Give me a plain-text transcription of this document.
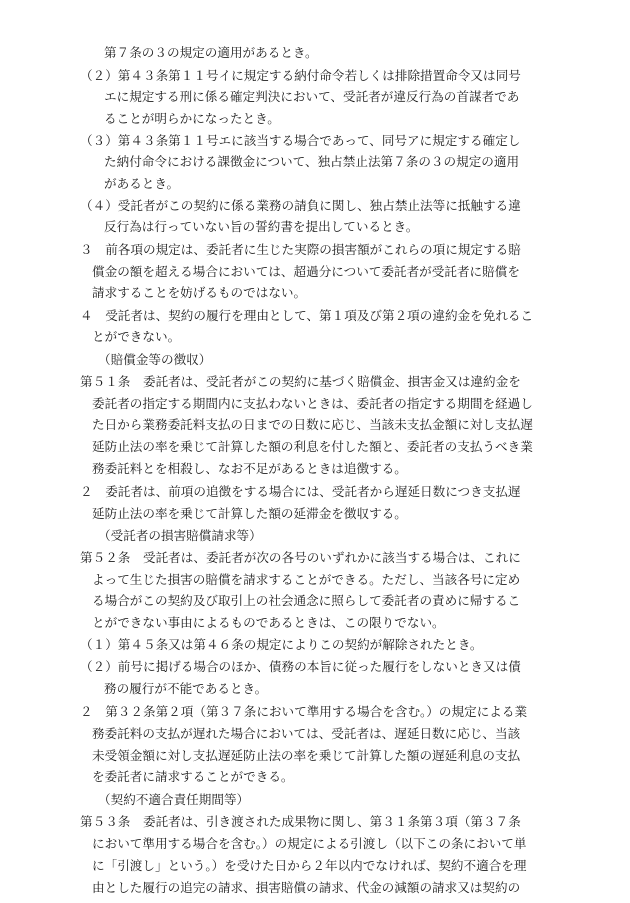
第７条の３の規定の適用があるとき。
（２）第４３条第１１号イに規定する納付命令若しくは排除措置命令又は同号
エに規定する刑に係る確定判決において、受託者が違反行為の首謀者であ
ることが明らかになったとき。
（３）第４３条第１１号エに該当する場合であって、同号アに規定する確定し
た納付命令における課徴金について、独占禁止法第７条の３の規定の適用
があるとき。
（４）受託者がこの契約に係る業務の請負に関し、独占禁止法等に抵触する違
反行為は行っていない旨の誓約書を提出しているとき。
３　前各項の規定は、委託者に生じた実際の損害額がこれらの項に規定する賠
償金の額を超える場合においては、超過分について委託者が受託者に賠償を
請求することを妨げるものではない。
４　受託者は、契約の履行を理由として、第１項及び第２項の違約金を免れるこ
とができない。
（賠償金等の徴収）
第５１条　委託者は、受託者がこの契約に基づく賠償金、損害金又は違約金を
委託者の指定する期間内に支払わないときは、委託者の指定する期間を経過し
た日から業務委託料支払の日までの日数に応じ、当該未支払金額に対し支払遅
延防止法の率を乗じて計算した額の利息を付した額と、委託者の支払うべき業
務委託料とを相殺し、なお不足があるときは追徴する。
２　委託者は、前項の追徴をする場合には、受託者から遅延日数につき支払遅
延防止法の率を乗じて計算した額の延滞金を徴収する。
（受託者の損害賠償請求等）
第５２条　受託者は、委託者が次の各号のいずれかに該当する場合は、これに
よって生じた損害の賠償を請求することができる。ただし、当該各号に定め
る場合がこの契約及び取引上の社会通念に照らして委託者の責めに帰するこ
とができない事由によるものであるときは、この限りでない。
（１）第４５条又は第４６条の規定によりこの契約が解除されたとき。
（２）前号に掲げる場合のほか、債務の本旨に従った履行をしないとき又は債
務の履行が不能であるとき。
２　第３２条第２項（第３７条において準用する場合を含む。）の規定による業
務委託料の支払が遅れた場合においては、受託者は、遅延日数に応じ、当該
未受領金額に対し支払遅延防止法の率を乗じて計算した額の遅延利息の支払
を委託者に請求することができる。
（契約不適合責任期間等）
第５３条　委託者は、引き渡された成果物に関し、第３１条第３項（第３７条
において準用する場合を含む。）の規定による引渡し（以下この条において単
に「引渡し」という。）を受けた日から２年以内でなければ、契約不適合を理
由とした履行の追完の請求、損害賠償の請求、代金の減額の請求又は契約の
